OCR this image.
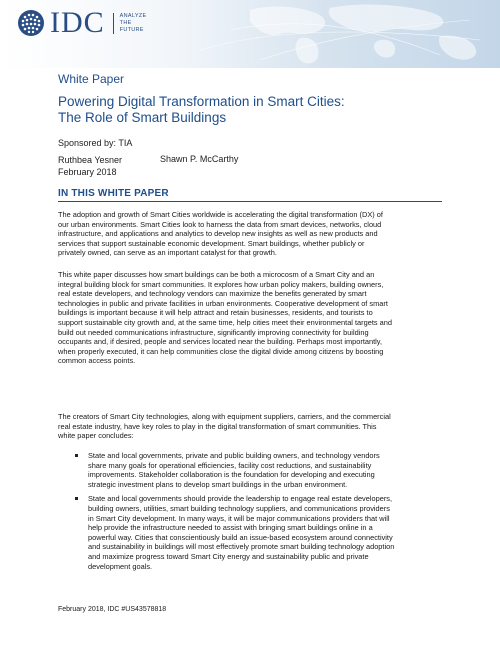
IDC	ANALYZE
THE
FUTURE
White Paper
Powering Digital Transformation in Smart Cities:
The Role of Smart Buildings
Sponsored by: TIA
Ruthbea Yesner
February 2018
Shawn P. McCarthy
IN THIS WHITE PAPER
The adoption and growth of Smart Cities worldwide is accelerating the digital transformation (DX) of
our urban environments. Smart Cities look to harness the data from smart devices, networks, cloud
infrastructure, and applications and analytics to develop new insights as well as new products and
services that support sustainable economic development. Smart buildings, whether publicly or
privately owned, can serve as an important catalyst for that growth.
This white paper discusses how smart buildings can be both a microcosm of a Smart City and an
integral building block for smart communities. It explores how urban policy makers, building owners,
real estate developers, and technology vendors can maximize the benefits generated by smart
technologies in public and private facilities in urban environments. Cooperative development of smart
buildings is important because it will help attract and retain businesses, residents, and tourists to
support sustainable city growth and, at the same time, help cities meet their environmental targets and
build out needed communications infrastructure, significantly improving connectivity for building
occupants and, if desired, people and services located near the building. Perhaps most importantly,
when properly executed, it can help communities close the digital divide among citizens by boosting
common access points.
The creators of Smart City technologies, along with equipment suppliers, carriers, and the commercial
real estate industry, have key roles to play in the digital transformation of smart communities. This
white paper concludes:
State and local governments, private and public building owners, and technology vendors
share many goals for operational efficiencies, facility cost reductions, and sustainability
improvements. Stakeholder collaboration is the foundation for developing and executing
strategic investment plans to develop smart buildings in the urban environment.
State and local governments should provide the leadership to engage real estate developers,
building owners, utilities, smart building technology suppliers, and communications providers
in Smart City development. In many ways, it will be major communications providers that will
help provide the infrastructure needed to assist with bringing smart buildings online in a
powerful way. Cities that conscientiously build an issue-based ecosystem around connectivity
and sustainability in buildings will most effectively promote smart building technology adoption
and maximize progress toward Smart City energy and sustainability public and private
development goals.
February 2018, IDC #US43578818
